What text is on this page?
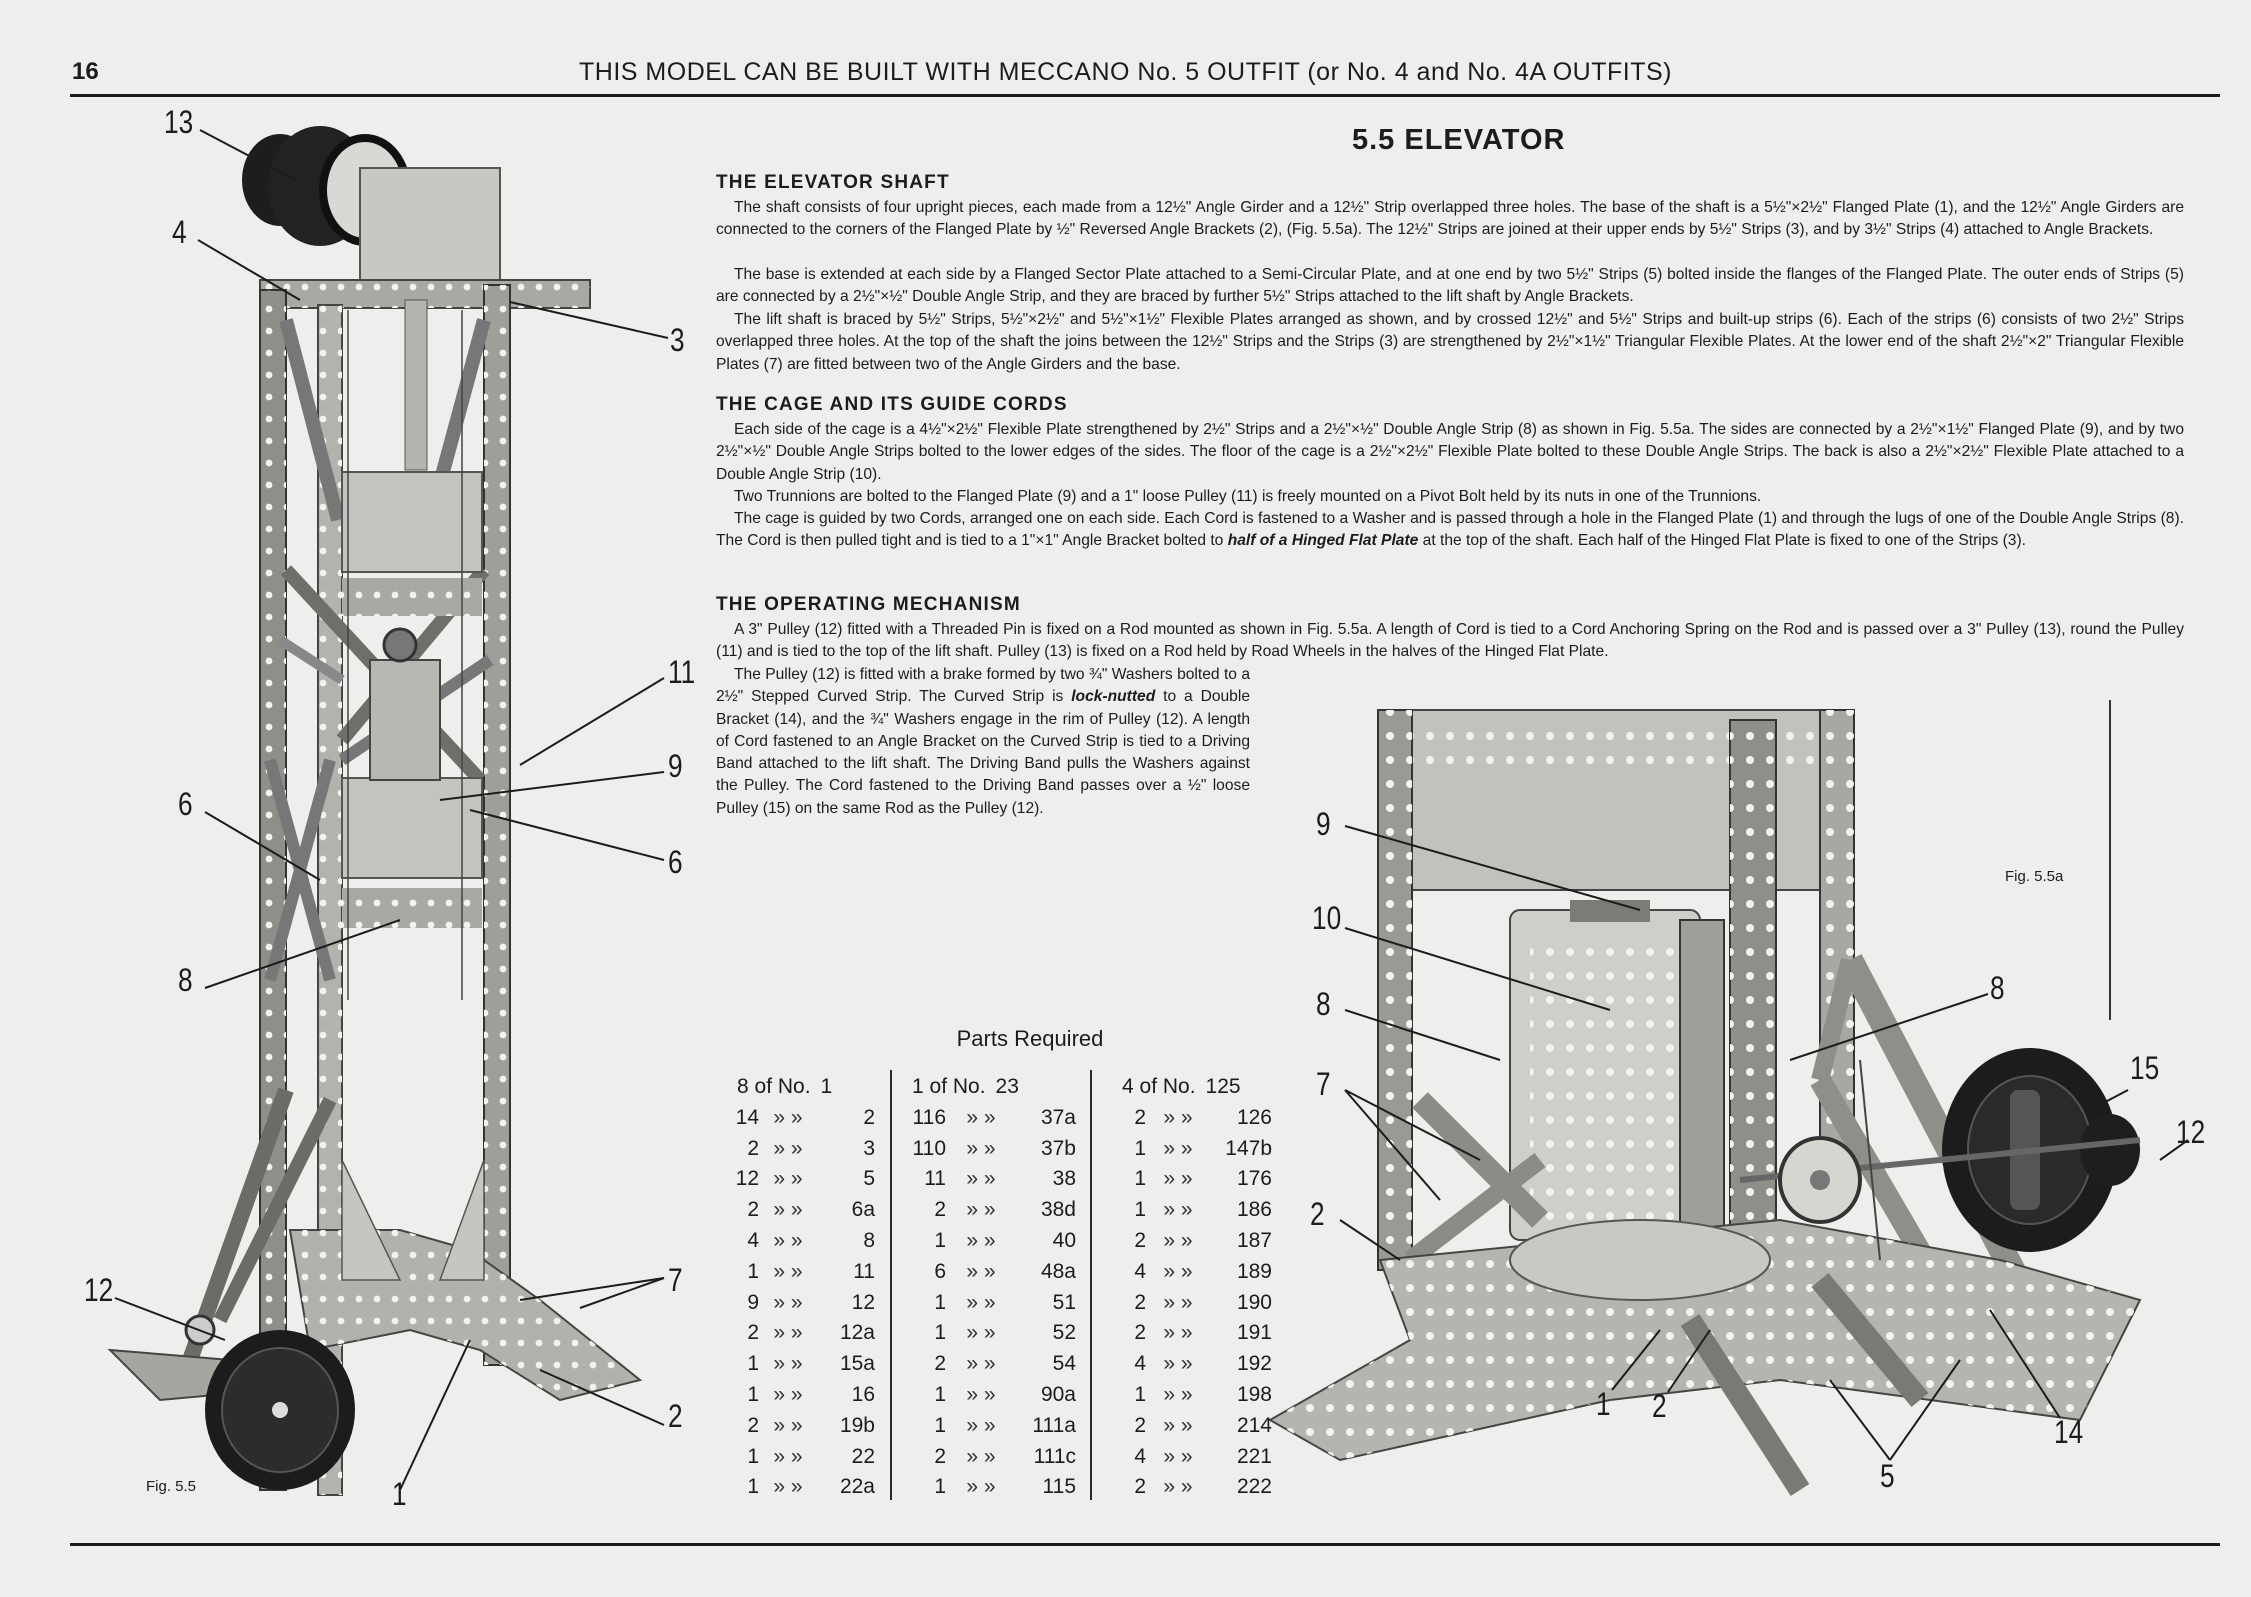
16	THIS MODEL CAN BE BUILT WITH MECCANO No. 5 OUTFIT (or No. 4 and No. 4A OUTFITS)
5.5 ELEVATOR
THE ELEVATOR SHAFT

The shaft consists of four upright pieces, each made from a 12½" Angle Girder and a 12½" Strip overlapped three holes. The base of the shaft is a 5½"×2½" Flanged Plate (1), and the 12½" Angle Girders are connected to the corners of the Flanged Plate by ½" Reversed Angle Brackets (2), (Fig. 5.5a). The 12½" Strips are joined at their upper ends by 5½" Strips (3), and by 3½" Strips (4) attached to Angle Brackets.

The base is extended at each side by a Flanged Sector Plate attached to a Semi-Circular Plate, and at one end by two 5½" Strips (5) bolted inside the flanges of the Flanged Plate. The outer ends of Strips (5) are connected by a 2½"×½" Double Angle Strip, and they are braced by further 5½" Strips attached to the lift shaft by Angle Brackets.

The lift shaft is braced by 5½" Strips, 5½"×2½" and 5½"×1½" Flexible Plates arranged as shown, and by crossed 12½" and 5½" Strips and built-up strips (6). Each of the strips (6) consists of two 2½" Strips overlapped three holes. At the top of the shaft the joins between the 12½" Strips and the Strips (3) are strengthened by 2½"×1½" Triangular Flexible Plates. At the lower end of the shaft 2½"×2" Triangular Flexible Plates (7) are fitted between two of the Angle Girders and the base.

THE CAGE AND ITS GUIDE CORDS

Each side of the cage is a 4½"×2½" Flexible Plate strengthened by 2½" Strips and a 2½"×½" Double Angle Strip (8) as shown in Fig. 5.5a. The sides are connected by a 2½"×1½" Flanged Plate (9), and by two 2½"×½" Double Angle Strips bolted to the lower edges of the sides. The floor of the cage is a 2½"×2½" Flexible Plate bolted to these Double Angle Strips. The back is also a 2½"×2½" Flexible Plate attached to a Double Angle Strip (10).

Two Trunnions are bolted to the Flanged Plate (9) and a 1" loose Pulley (11) is freely mounted on a Pivot Bolt held by its nuts in one of the Trunnions.

The cage is guided by two Cords, arranged one on each side. Each Cord is fastened to a Washer and is passed through a hole in the Flanged Plate (1) and through the lugs of one of the Double Angle Strips (8). The Cord is then pulled tight and is tied to a 1"×1" Angle Bracket bolted to half of a Hinged Flat Plate at the top of the shaft. Each half of the Hinged Flat Plate is fixed to one of the Strips (3).

THE OPERATING MECHANISM

A 3" Pulley (12) fitted with a Threaded Pin is fixed on a Rod mounted as shown in Fig. 5.5a. A length of Cord is tied to a Cord Anchoring Spring on the Rod and is passed over a 3" Pulley (13), round the Pulley (11) and is tied to the top of the lift shaft. Pulley (13) is fixed on a Rod held by Road Wheels in the halves of the Hinged Flat Plate.

The Pulley (12) is fitted with a brake formed by two ¾" Washers bolted to a 2½" Stepped Curved Strip. The Curved Strip is lock-nutted to a Double Bracket (14), and the ¾" Washers engage in the rim of Pulley (12). A length of Cord fastened to an Angle Bracket on the Curved Strip is tied to a Driving Band attached to the lift shaft. The Driving Band pulls the Washers against the Pulley. The Cord fastened to the Driving Band passes over a ½" loose Pulley (15) on the same Rod as the Pulley (12).

13
4
3
11
9
6
6
8
7
12
2
1
Fig. 5.5
Fig. 5.5a
9
10
8
7
2
8
15
12
1 2
5
14
Parts Required
8 of No. 1
14 » »	2
2 » »	3
12 » »	5
2 » »	6a
4 » »	8
1 » »	11
9 » »	12
2 » »	12a
1 » »	15a
1 » »	16
2 » »	19b
1 » »	22
1 » »	22a
1 of No. 23
116 » »	37a
110 » »	37b
11 » »	38
2 » »	38d
1 » »	40
6 » »	48a
1 » »	51
1 » »	52
2 » »	54
1 » »	90a
1 » »	111a
2 » »	111c
1 » »	115
4 of No. 125
2 » »	126
1 » »	147b
1 » »	176
1 » »	186
2 » »	187
4 » »	189
2 » »	190
2 » »	191
4 » »	192
1 » »	198
2 » »	214
4 » »	221
2 » »	222
